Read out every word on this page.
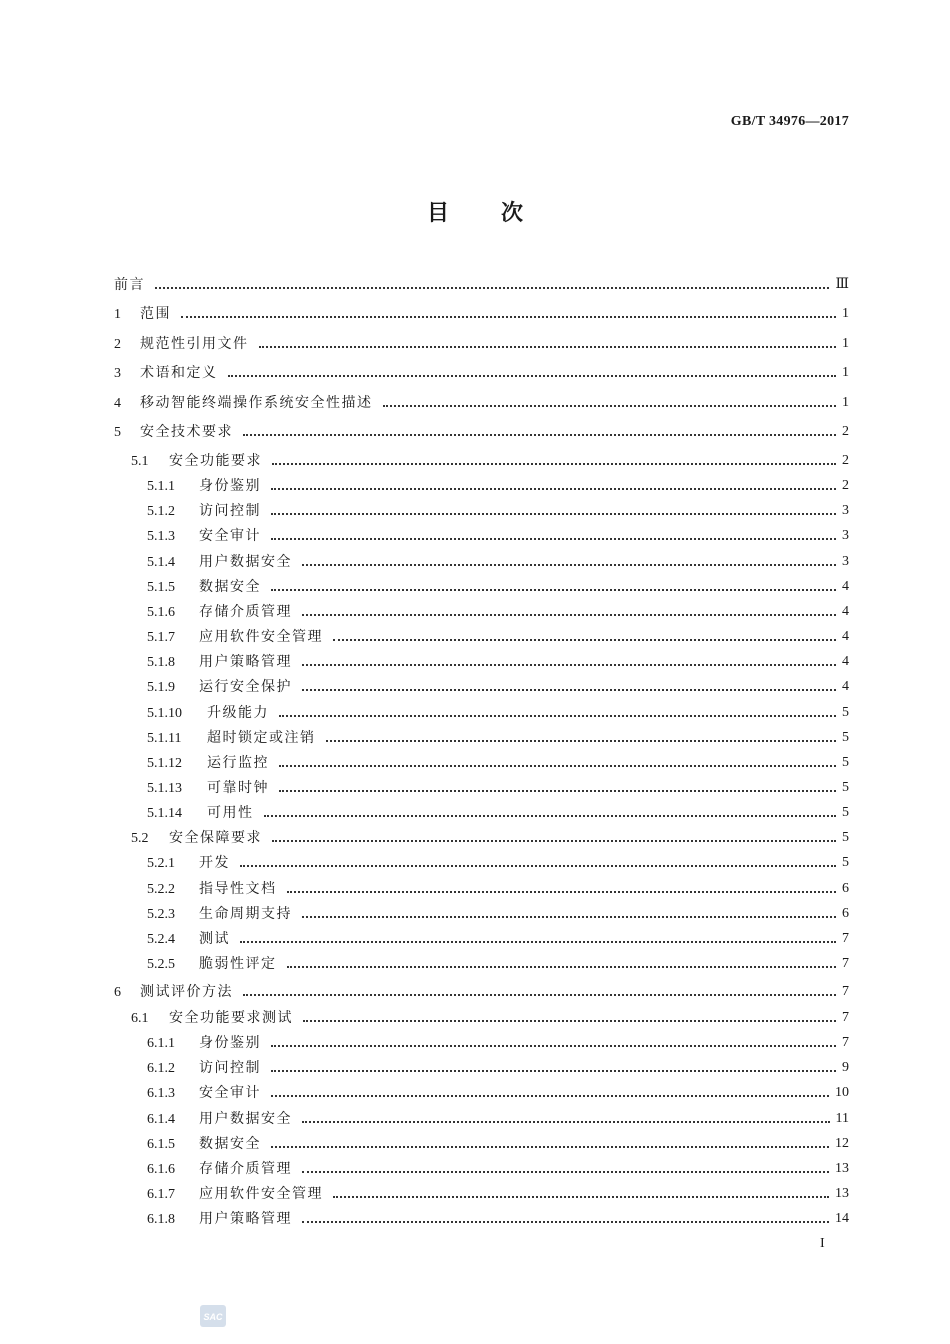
GB/T 34976—2017
目次
前言	Ⅲ
1 范围	1
2 规范性引用文件	1
3 术语和定义	1
4 移动智能终端操作系统安全性描述	1
5 安全技术要求	2
5.1 安全功能要求	2
5.1.1 身份鉴别	2
5.1.2 访问控制	3
5.1.3 安全审计	3
5.1.4 用户数据安全	3
5.1.5 数据安全	4
5.1.6 存储介质管理	4
5.1.7 应用软件安全管理	4
5.1.8 用户策略管理	4
5.1.9 运行安全保护	4
5.1.10 升级能力	5
5.1.11 超时锁定或注销	5
5.1.12 运行监控	5
5.1.13 可靠时钟	5
5.1.14 可用性	5
5.2 安全保障要求	5
5.2.1 开发	5
5.2.2 指导性文档	6
5.2.3 生命周期支持	6
5.2.4 测试	7
5.2.5 脆弱性评定	7
6 测试评价方法	7
6.1 安全功能要求测试	7
6.1.1 身份鉴别	7
6.1.2 访问控制	9
6.1.3 安全审计	10
6.1.4 用户数据安全	11
6.1.5 数据安全	12
6.1.6 存储介质管理	13
6.1.7 应用软件安全管理	13
6.1.8 用户策略管理	14
I
SAC
